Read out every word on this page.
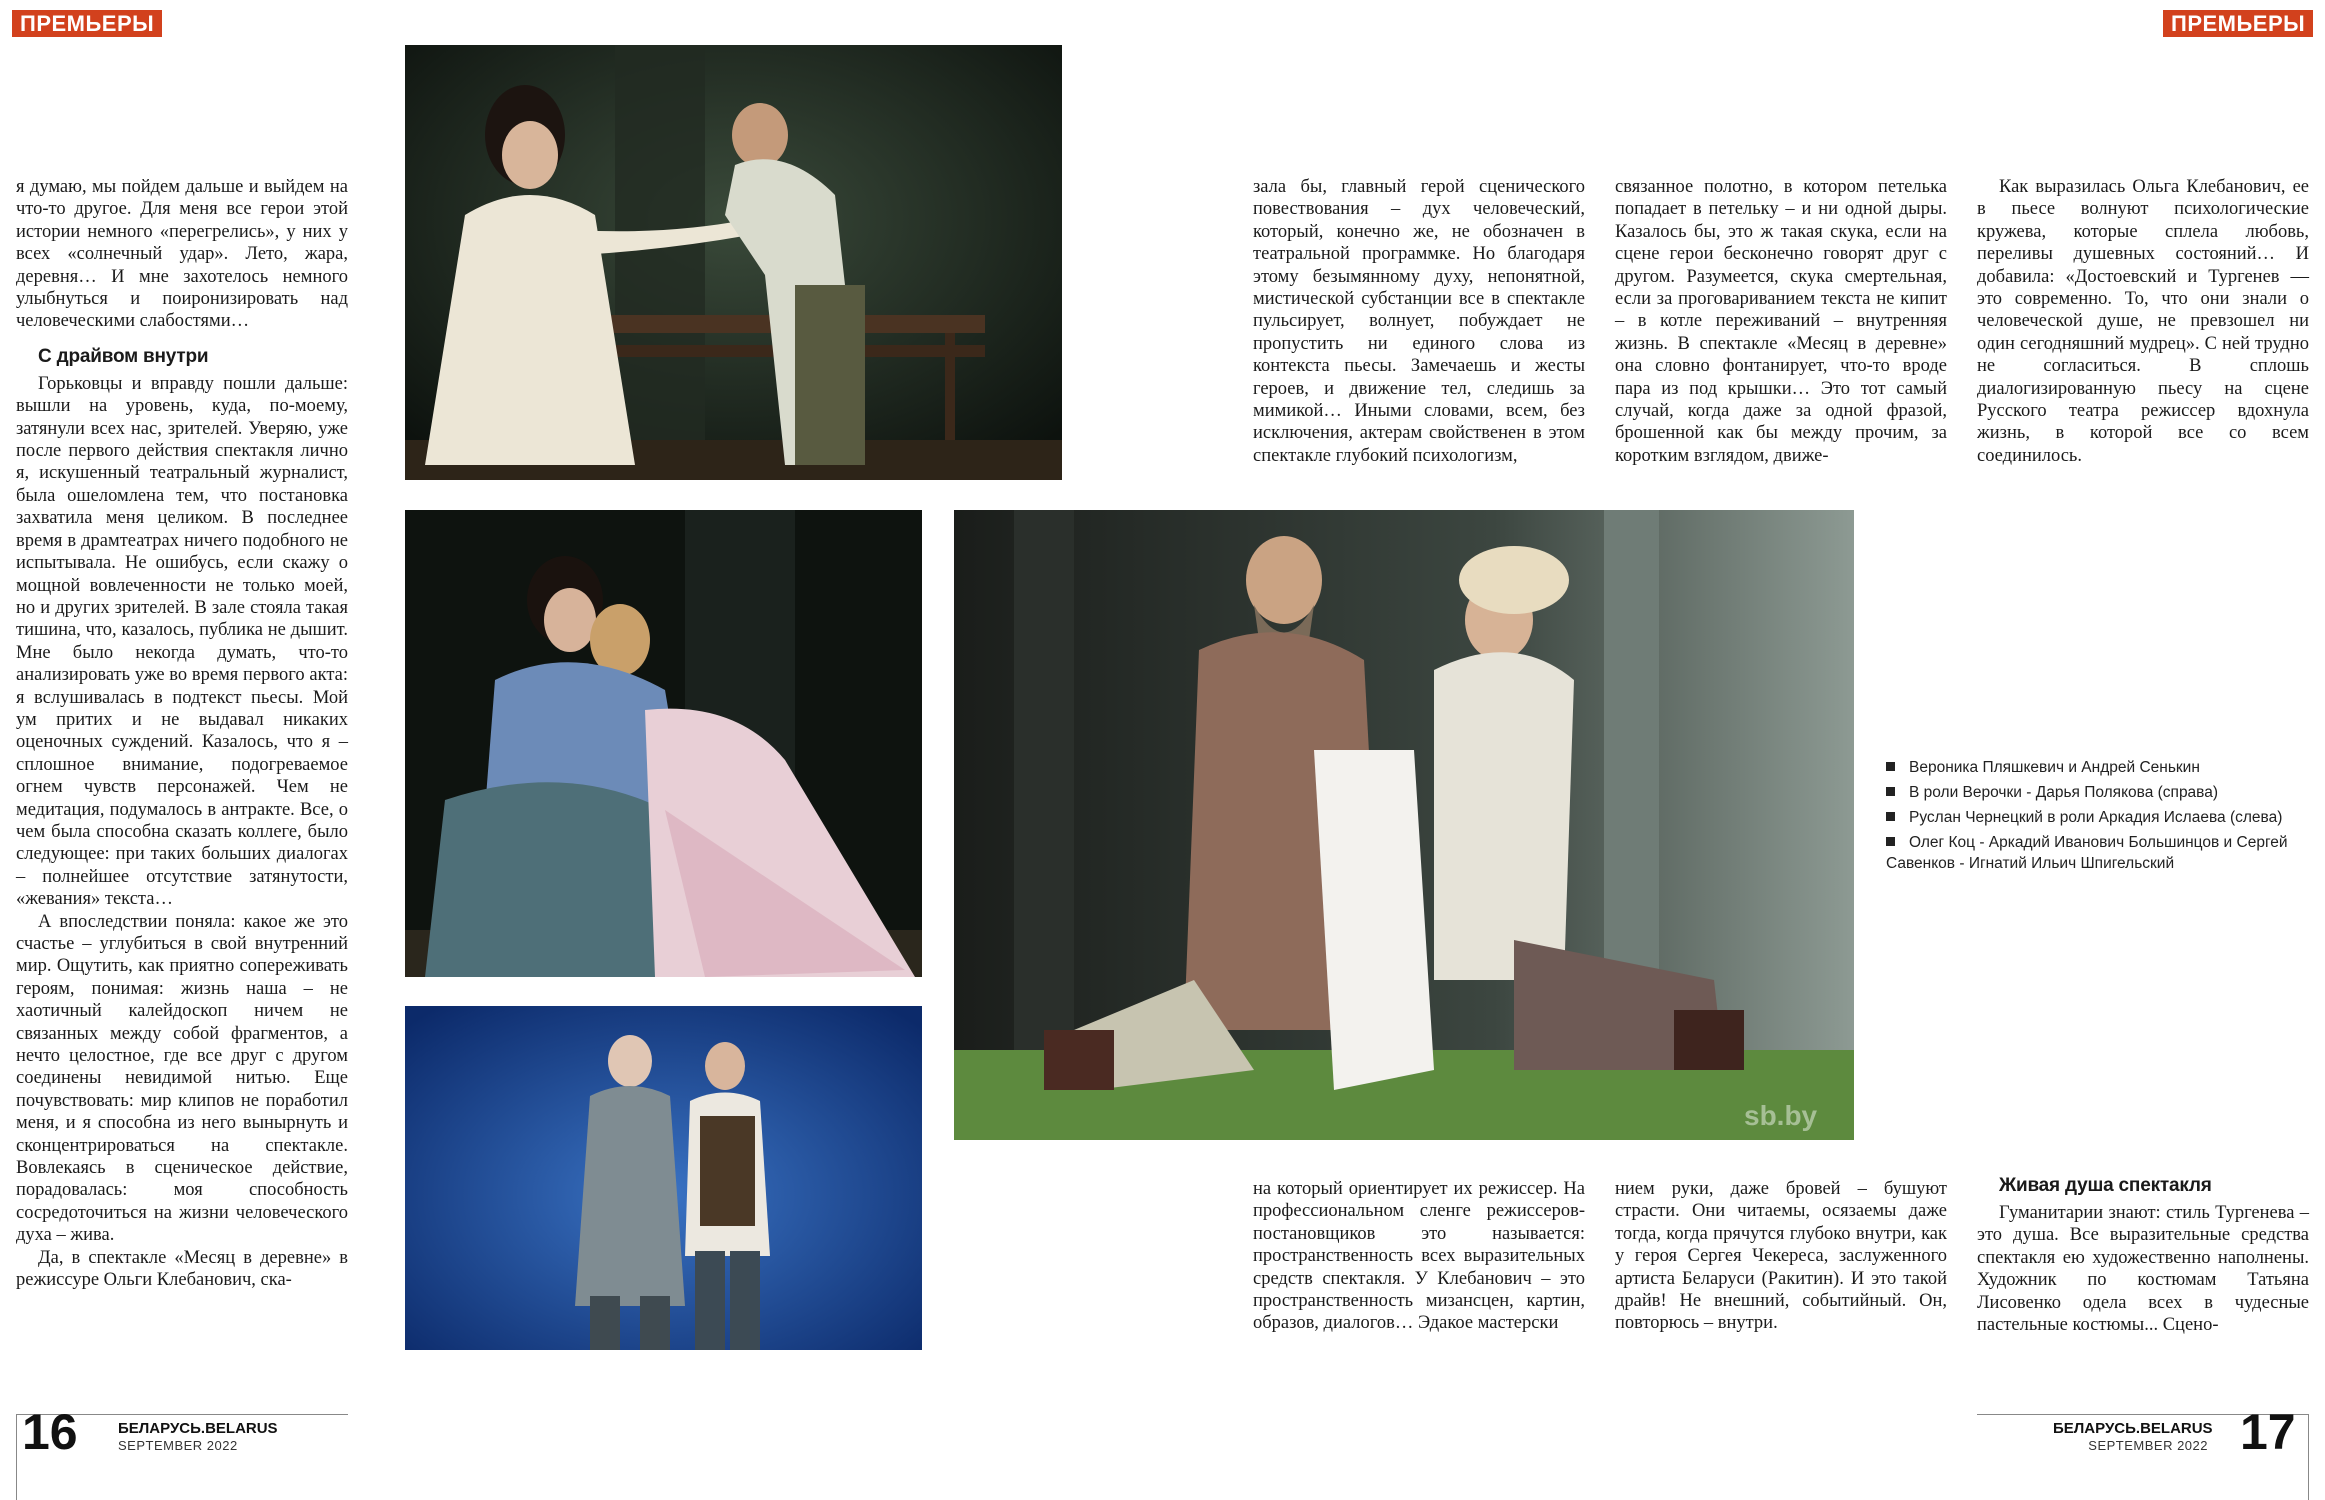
ПРЕМЬЕРЫ	ПРЕМЬЕРЫ

я думаю, мы пойдем дальше и выйдем на что-то другое. Для меня все герои этой истории немного «перегрелись», у них у всех «солнечный удар». Лето, жара, деревня… И мне захотелось немного улыбнуться и поиронизировать над человеческими слабостями…

С драйвом внутри

Горьковцы и вправду пошли дальше: вышли на уровень, куда, по-моему, затянули всех нас, зрителей. Уверяю, уже после первого действия спектакля лично я, искушенный театральный журналист, была ошеломлена тем, что постановка захватила меня целиком. В последнее время в драмтеатрах ничего подобного не испытывала. Не ошибусь, если скажу о мощной вовлеченности не только моей, но и других зрителей. В зале стояла такая тишина, что, казалось, публика не дышит. Мне было некогда думать, что-то анализировать уже во время первого акта: я вслушивалась в подтекст пьесы. Мой ум притих и не выдавал никаких оценочных суждений. Казалось, что я – сплошное внимание, подогреваемое огнем чувств персонажей. Чем не медитация, подумалось в антракте. Все, о чем была способна сказать коллеге, было следующее: при таких больших диалогах – полнейшее отсутствие затянутости, «жевания» текста…

А впоследствии поняла: какое же это счастье – углубиться в свой внутренний мир. Ощутить, как приятно сопереживать героям, понимая: жизнь наша – не хаотичный калейдоскоп ничем не связанных между собой фрагментов, а нечто целостное, где все друг с другом соединены невидимой нитью. Еще почувствовать: мир клипов не поработил меня, и я способна из него вынырнуть и сконцентрироваться на спектакле. Вовлекаясь в сценическое действие, порадовалась: моя способность сосредоточиться на жизни человеческого духа – жива.

Да, в спектакле «Месяц в деревне» в режиссуре Ольги Клебанович, ска-

sb.by
Вероника Пляшкевич и Андрей Сенькин
В роли Верочки - Дарья Полякова (справа)
Руслан Чернецкий в роли Аркадия Ислаева (слева)
Олег Коц - Аркадий Иванович Большинцов и Сергей Савенков - Игнатий Ильич Шпигельский

зала бы, главный герой сценического повествования – дух человеческий, который, конечно же, не обозначен в театральной программке. Но благодаря этому безымянному духу, непонятной, мистической субстанции все в спектакле пульсирует, волнует, побуждает не пропустить ни единого слова из контекста пьесы. Замечаешь и жесты героев, и движение тел, следишь за мимикой… Иными словами, всем, без исключения, актерам свойственен в этом спектакле глубокий психологизм,

связанное полотно, в котором петелька попадает в петельку – и ни одной дыры. Казалось бы, это ж такая скука, если на сцене герои бесконечно говорят друг с другом. Разумеется, скука смертельная, если за проговариванием текста не кипит – в котле переживаний – внутренняя жизнь. В спектакле «Месяц в деревне» она словно фонтанирует, что-то вроде пара из под крышки… Это тот самый случай, когда даже за одной фразой, брошенной как бы между прочим, за коротким взглядом, движе-

Как выразилась Ольга Клебанович, ее в пьесе волнуют психологические кружева, которые сплела любовь, переливы душевных состояний… И добавила: «Достоевский и Тургенев — это современно. То, что они знали о человеческой душе, не превзошел ни один сегодняшний мудрец». С ней трудно не согласиться. В сплошь диалогизированную пьесу на сцене Русского театра режиссер вдохнула жизнь, в которой все со всем соединилось.

на который ориентирует их режиссер. На профессиональном сленге режиссеров-постановщиков это называется: пространственность всех выразительных средств спектакля. У Клебанович – это пространственность мизансцен, картин, образов, диалогов… Эдакое мастерски

нием руки, даже бровей – бушуют страсти. Они читаемы, осязаемы даже тогда, когда прячутся глубоко внутри, как у героя Сергея Чекереса, заслуженного артиста Беларуси (Ракитин). И это такой драйв! Не внешний, событийный. Он, повторюсь – внутри.

Живая душа спектакля

Гуманитарии знают: стиль Тургенева – это душа. Все выразительные средства спектакля ею художественно наполнены. Художник по костюмам Татьяна Лисовенко одела всех в чудесные пастельные костюмы... Сцено-

16	БЕЛАРУСЬ.BELARUS
SEPTEMBER 2022
БЕЛАРУСЬ.BELARUS
SEPTEMBER 2022 17
